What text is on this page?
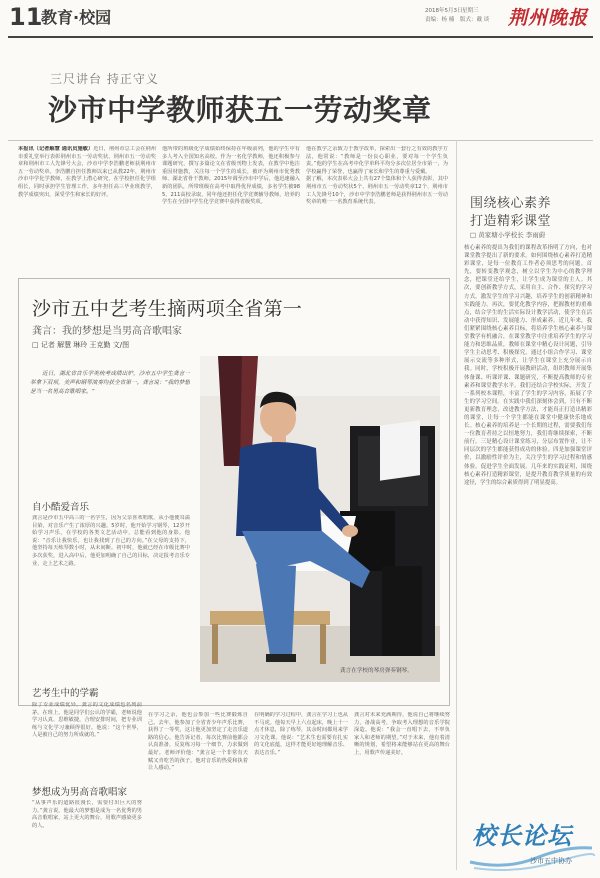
11
教育·校园	2018年5月3日 星期三
责编：杨 楠 版式：戴 谈 荆州晚报
三尺讲台 持正守义
沙市中学教师获五一劳动奖章
本报讯（记者解慧 通讯员施敏）近日，荆州市总工会在荆州市委礼堂举行表彰荆州市五一劳动奖状、荆州市五一劳动奖章和荆州市工人先锋号大会，沙市中学李浩鹏老师获荆州市五一劳动奖章。李浩鹏自担任教师以来已从教22年，荆州市沙市中学化学教师，在教学上潜心研究，在学校担任化学组组长，同时承担学生管理工作，多年担任高三毕业班教学，教学成绩突出，深受学生和家长的好评。
他所带的班级化学成绩始终保持在年级前列，他的学生中有多人考入全国知名高校。作为一名化学教师，他还积极参与课题研究，撰写多篇论文在省级刊物上发表，在教学中他注重因材施教，关注每一个学生的成长，被评为荆州市优秀教师、湖北省骨干教师。2015年调至沙市中学后，他迅速融入新的团队，所带班级在高考中取得优异成绩，多名学生被985、211高校录取，同年他还担任化学竞赛辅导教师，培养的学生在全国中学生化学竞赛中获得省级奖项。
他在教学之余致力于教学改革，探索出一套行之有效的教学方法，他常说：“教师是一份良心职业，要对每一个学生负责。”他的学生在高考中化学单科平均分多次位居全市第一，为学校赢得了荣誉，也赢得了家长和学生的尊重与爱戴。
据了解，本次表彰大会上共有27个集体和个人获得表彰，其中荆州市五一劳动奖状5个、荆州市五一劳动奖章12个、荆州市工人先锋号10个，沙市中学李浩鹏老师是获得荆州市五一劳动奖章的唯一一名教育系统代表。	围绕核心素养
打造精彩课堂
□ 黄家塘小学校长 李雨蔚
核心素养的提出为我们的课程改革指明了方向，也对课堂教学提出了新的要求。如何围绕核心素养打造精彩课堂，是每一位教育工作者必须思考的问题。首先，要转变教学观念，树立以学生为中心的教学理念，把课堂还给学生，让学生成为课堂的主人。其次，要创新教学方式，采用自主、合作、探究的学习方式，激发学生的学习兴趣，培养学生的创新精神和实践能力。再次，要优化教学内容，把握教材的重难点，结合学生的生活实际设计教学活动，使学生在活动中获得知识、发展能力、形成素养。近几年来，我们紧紧围绕核心素养目标，将培养学生核心素养与课堂教学有机融合，在课堂教学中注重培养学生的学习能力和思维品质，教师在课堂中精心设计问题，引导学生主动思考、积极探究，通过小组合作学习、课堂展示交流等多种形式，让学生在课堂上充分展示自我。同时，学校积极开展教研活动，组织教师开展集体备课、听课评课、课题研究，不断提高教师的专业素养和课堂教学水平。我们还结合学校实际，开发了一系列校本课程，丰富了学生的学习内容，拓展了学生的学习空间。在实践中我们深刻体会到，只有不断更新教育理念，改进教学方法，才能真正打造出精彩的课堂，让每一个学生都能在课堂中健康快乐地成长。核心素养的培养是一个长期的过程，需要我们每一位教育者持之以恒地努力，我们将继续探索，不断前行。三是精心设计课堂练习，分层布置作业，让不同层次的学生都能获得成功的体验。四是加强课堂评价，以激励性评价为主，关注学生的学习过程和情感体验，促进学生全面发展。几年来的实践证明，围绕核心素养打造精彩课堂，是提升教育教学质量的有效途径，学生的综合素质得到了明显提高。
校长论坛
沙市五中协办
沙市五中艺考生摘两项全省第一
龚言：我的梦想是当男高音歌唱家
□ 记者 解慧 琳玲 王克勤 文/图
近日，湖北省音乐学类统考成绩出炉，沙市五中学生龚言一举拿下双项，美声和钢琴演奏均获全省第一。龚言说：“我的梦想是当一名男高音歌唱家。”
自小酷爱音乐
龚言是沙市五中高三的一名学生，因为父亲喜欢唱歌，从小他便耳濡目染，对音乐产生了浓厚的兴趣。5岁时，他开始学习钢琴，12岁开始学习声乐，在学校的各类文艺活动中，总能看到他的身影。他说：“音乐让我快乐，也让我找到了自己的方向。”在父母的支持下，他坚持每天练琴数小时，从未间断。初中时，他就已经在市级比赛中多次获奖，进入高中后，他更加明确了自己的目标，决定报考音乐专业，走上艺术之路。
龚言在学校的琴房弹奏钢琴。
艺考生中的学霸
除了专业成绩优异，龚言的文化成绩也名列前茅。在班上，他是同学们公认的学霸，老师说他学习认真、思维敏捷，合理安排时间，把专业训练与文化学习兼顾得很好。他说：“这个世界，人是被自己的努力所成就的。”
梦想成为男高音歌唱家
“从事声乐的道路很漫长，需要付出巨大的努力。”龚言说，他最大的梦想是成为一名优秀的男高音歌唱家，站上更大的舞台，用歌声感染更多的人。
在学习之余，他也会参加一些比赛锻炼自己。去年，他参加了全省青少年声乐比赛，获得了一等奖，这让他更加坚定了走音乐道路的信心。他告诉记者，每次比赛前他都会认真准备，反复练习每一个细节，力求做到最好。老师评价他：“龚言是一个非常有天赋又肯吃苦的孩子，他对音乐的热爱和执着让人感动。”
在明确的学习过程中，龚言在学习上也从不马虎。他每天早上六点起床，晚上十一点才休息，除了练琴，其余时间都用来学习文化课。他说：“艺术生也需要有扎实的文化底蕴，这样才能更好地理解音乐、表达音乐。”
龚言对未来充满期待，他说自己将继续努力，备战高考，争取考入理想的音乐学院深造。他说：“我会一直唱下去，不辜负家人和老师的期望。”对于未来，他有着清晰的规划，希望将来能够站在更高的舞台上，用歌声传递美好。
